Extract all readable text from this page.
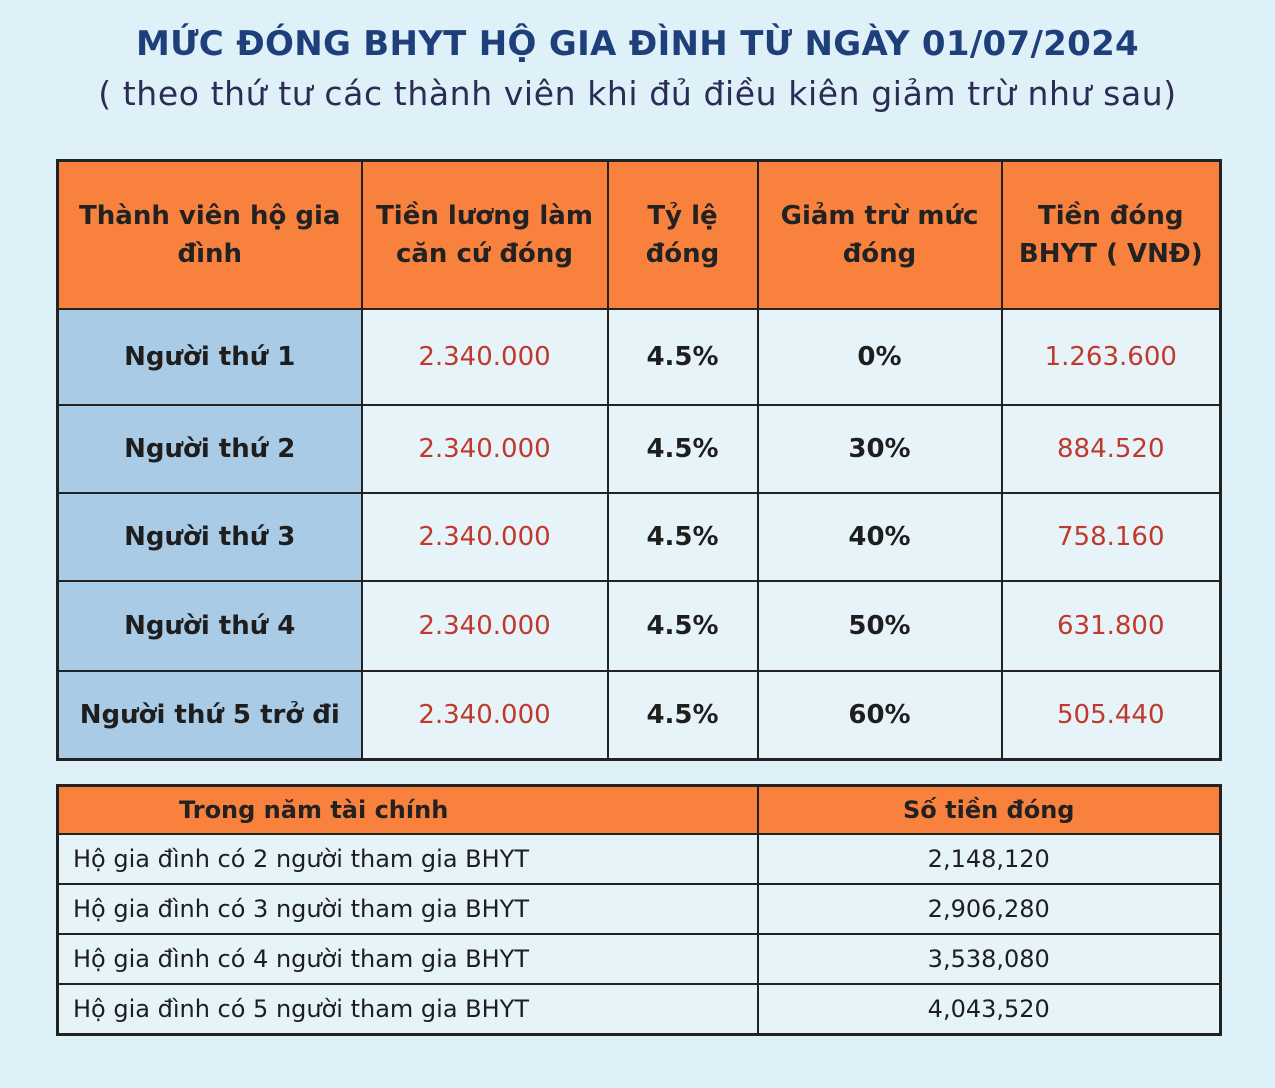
MỨC ĐÓNG BHYT HỘ GIA ĐÌNH TỪ NGÀY 01/07/2024
( theo thứ tư các thành viên khi đủ điều kiên giảm trừ như sau)
Thành viên hộ gia đình	Tiền lương làm căn cứ đóng	Tỷ lệ đóng	Giảm trừ mức đóng	Tiền đóng BHYT ( VNĐ)
Người thứ 1	2.340.000	4.5%	0%	1.263.600
Người thứ 2	2.340.000	4.5%	30%	884.520
Người thứ 3	2.340.000	4.5%	40%	758.160
Người thứ 4	2.340.000	4.5%	50%	631.800
Người thứ 5 trở đi	2.340.000	4.5%	60%	505.440
Trong năm tài chính	Số tiền đóng
Hộ gia đình có 2 người tham gia BHYT	2,148,120
Hộ gia đình có 3 người tham gia BHYT	2,906,280
Hộ gia đình có 4 người tham gia BHYT	3,538,080
Hộ gia đình có 5 người tham gia BHYT	4,043,520
